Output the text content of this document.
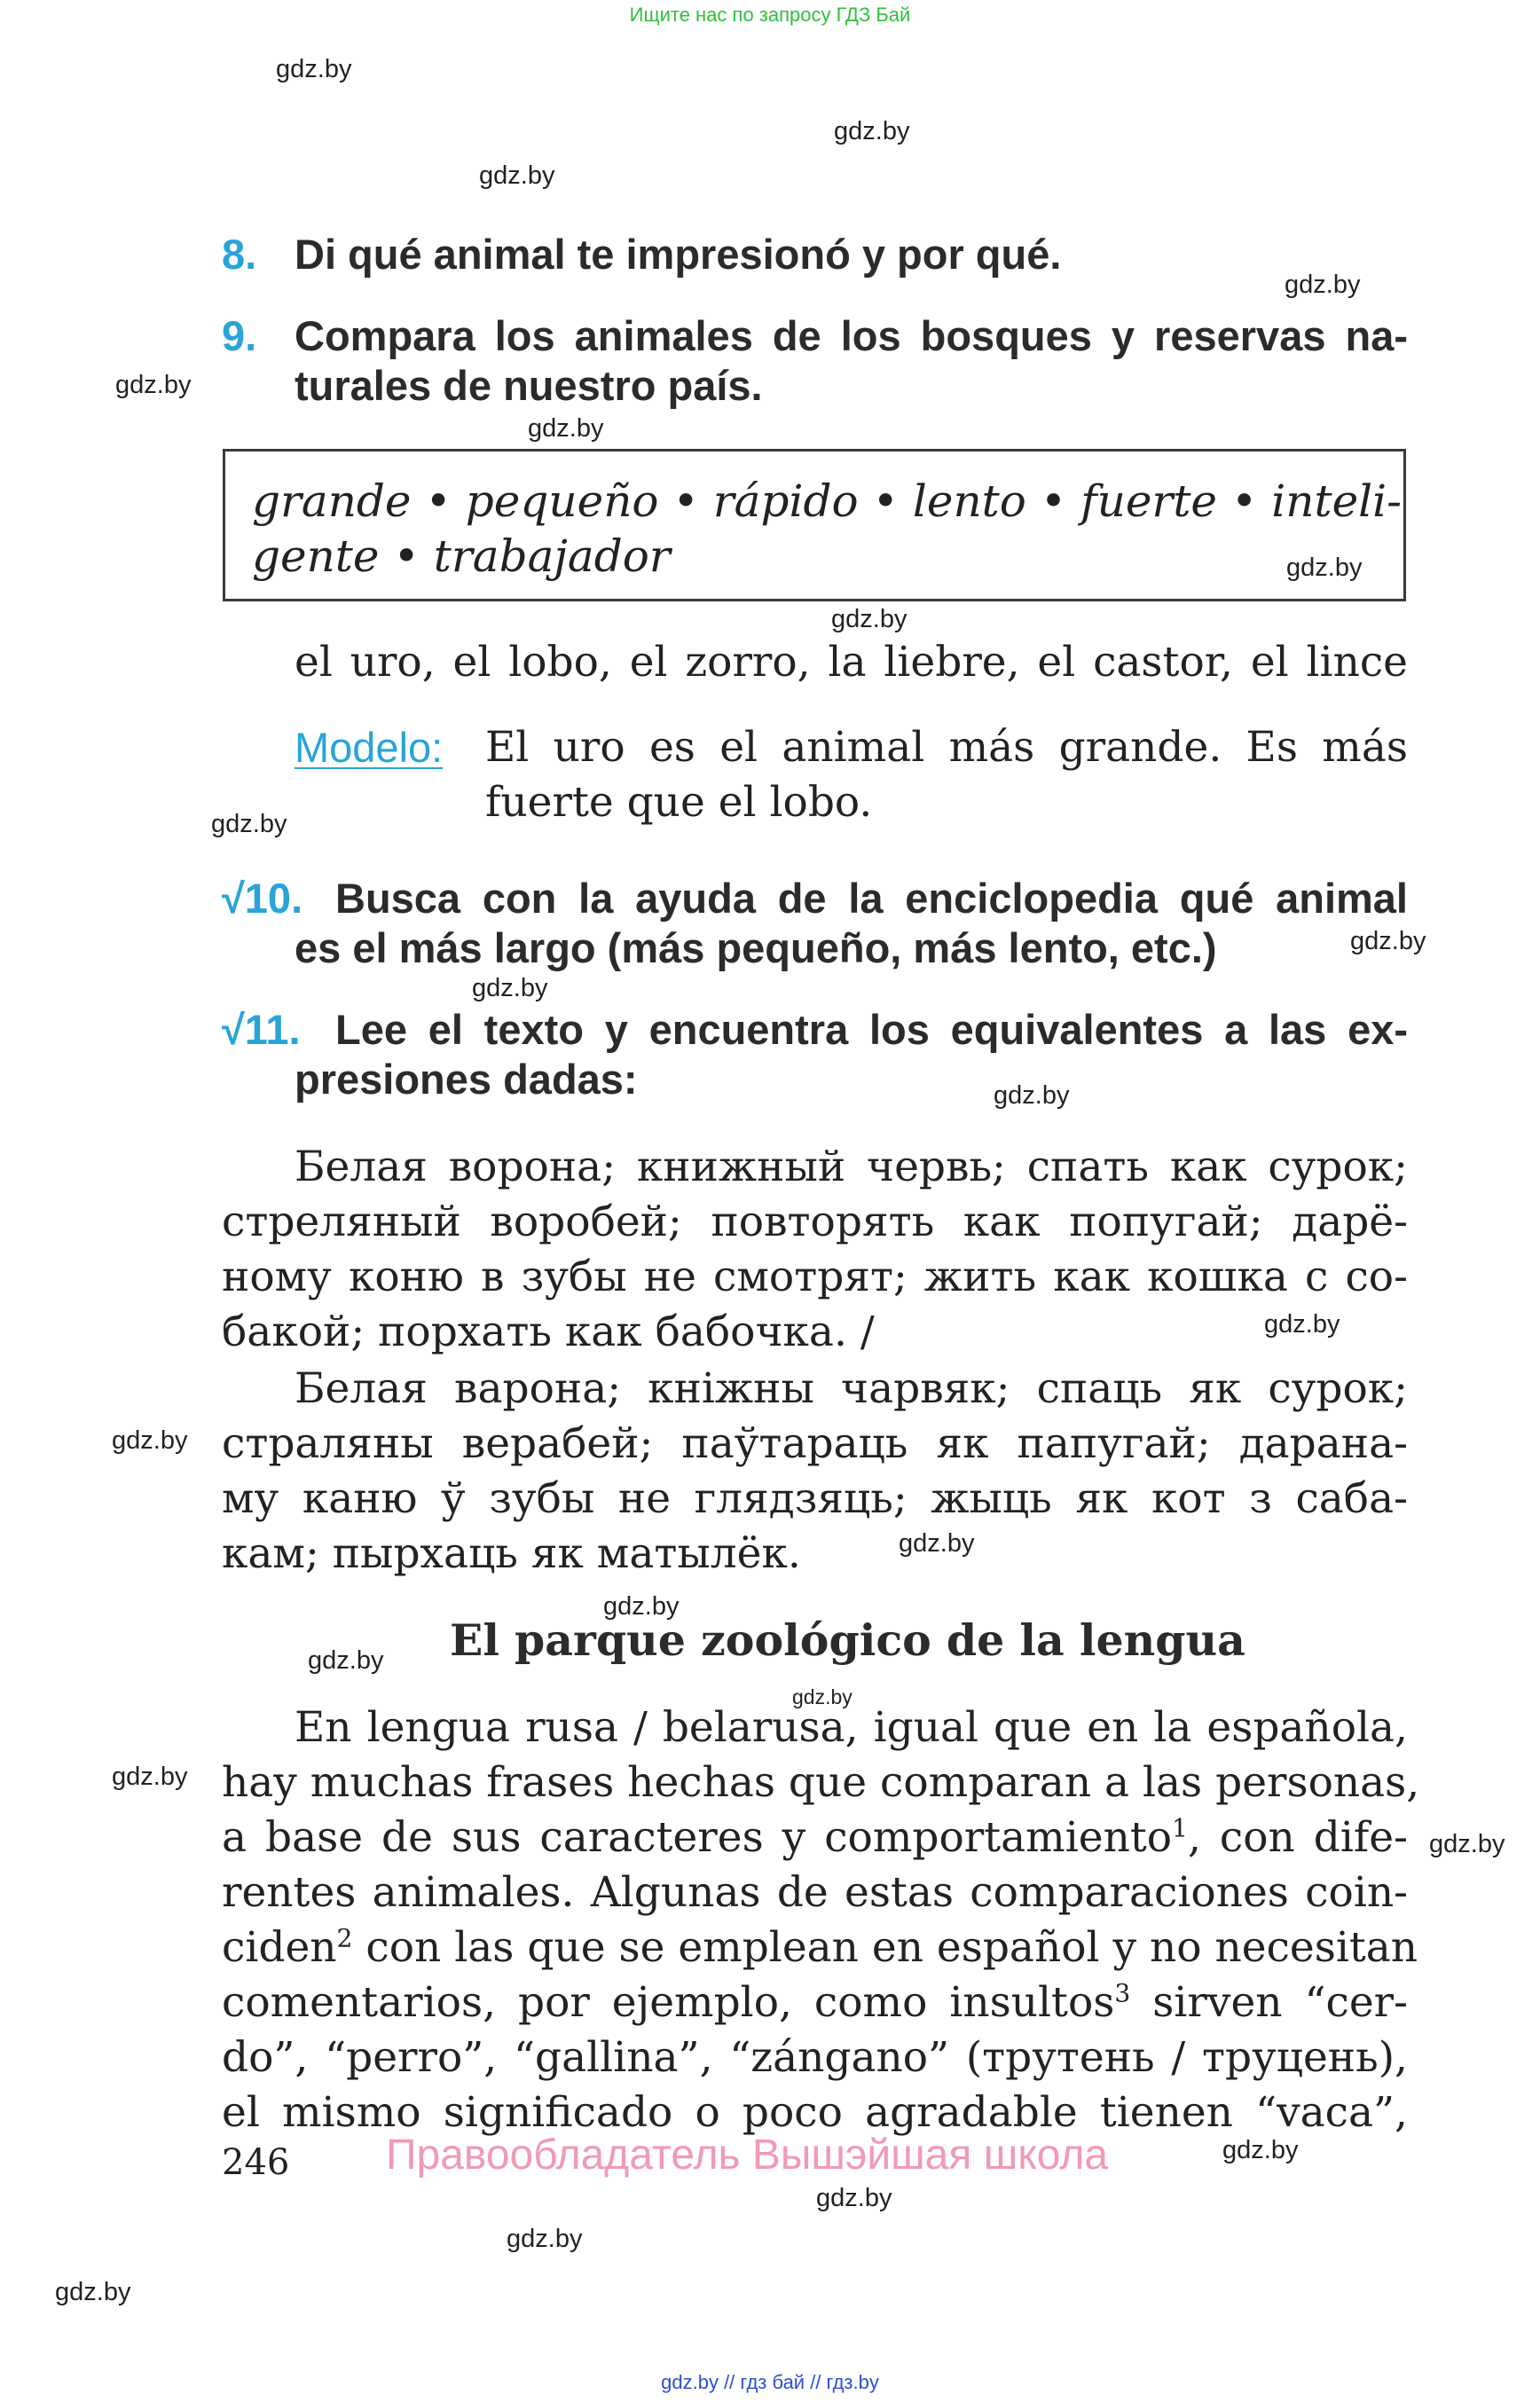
Ищите нас по запросу ГДЗ Бай
gdz.by
gdz.by
gdz.by
gdz.by
gdz.by
gdz.by
gdz.by
gdz.by
gdz.by
gdz.by
gdz.by
gdz.by
gdz.by
gdz.by
gdz.by
gdz.by
gdz.by
gdz.by
gdz.by
gdz.by
gdz.by
gdz.by
gdz.by
gdz.by
8. Di qué animal te impresionó y por qué.
9. Compara los animales de los bosques y reservas na-
turales de nuestro país.
grande • pequeño • rápido • lento • fuerte • inteli-
gente • trabajador
el uro, el lobo, el zorro, la liebre, el castor, el lince
Modelo: El uro es el animal más grande. Es más
fuerte que el lobo.
√10. Busca con la ayuda de la enciclopedia qué animal
es el más largo (más pequeño, más lento, etc.)
√11. Lee el texto y encuentra los equivalentes a las ex-
presiones dadas:
Белая ворона; книжный червь; спать как сурок;
стреляный воробей; повторять как попугай; дарё-
ному коню в зубы не смотрят; жить как кошка с со-
бакой; порхать как бабочка. /
Белая варона; кніжны чарвяк; спаць як сурок;
страляны верабей; паўтараць як папугай; дарана-
му каню ў зубы не глядзяць; жыць як кот з саба-
кам; пырхаць як матылёк.
El parque zoológico de la lengua
En lengua rusa / belarusa, igual que en la española,
hay muchas frases hechas que comparan a las personas,
a base de sus caracteres y comportamiento$^1$, con dife-
rentes animales. Algunas de estas comparaciones coin-
ciden$^2$ con las que se emplean en español y no necesitan
comentarios, por ejemplo, como insultos$^3$ sirven “cer-
do”, “perro”, “gallina”, “zángano” (трутень / труцень),
el mismo significado o poco agradable tienen “vaca”,
246 Правообладатель Вышэйшая школа
gdz.by // гдз бай // гдз.by
